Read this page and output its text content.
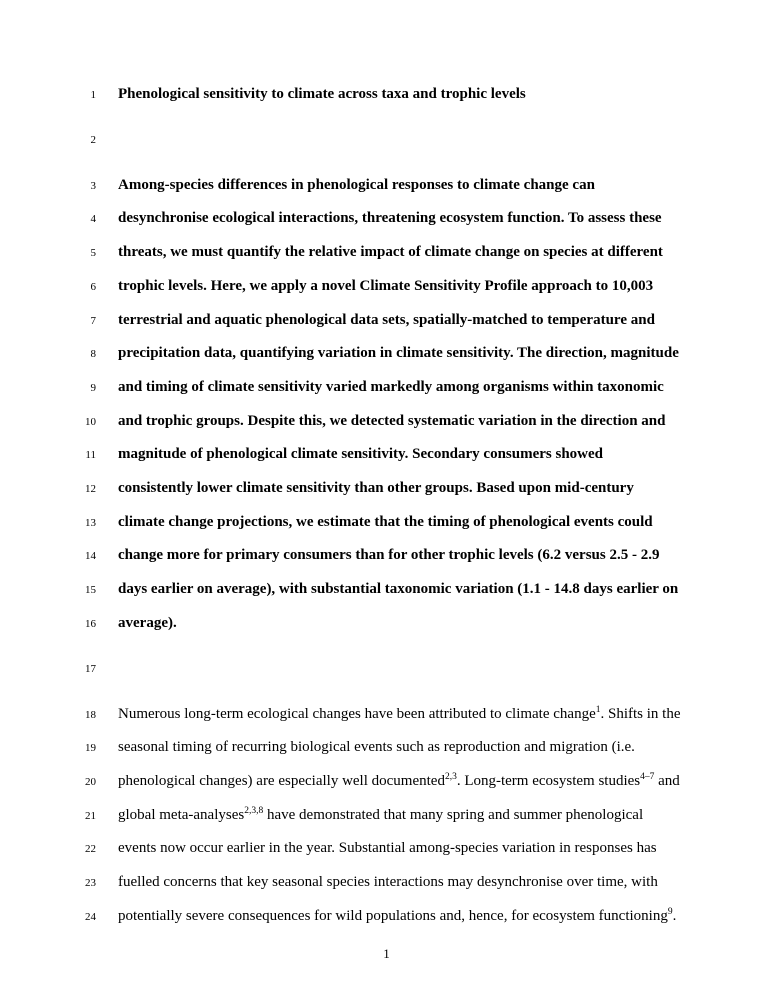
1 Phenological sensitivity to climate across taxa and trophic levels
2
3 Among-species differences in phenological responses to climate change can
4 desynchronise ecological interactions, threatening ecosystem function. To assess these
5 threats, we must quantify the relative impact of climate change on species at different
6 trophic levels. Here, we apply a novel Climate Sensitivity Profile approach to 10,003
7 terrestrial and aquatic phenological data sets, spatially-matched to temperature and
8 precipitation data, quantifying variation in climate sensitivity. The direction, magnitude
9 and timing of climate sensitivity varied markedly among organisms within taxonomic
10 and trophic groups. Despite this, we detected systematic variation in the direction and
11 magnitude of phenological climate sensitivity. Secondary consumers showed
12 consistently lower climate sensitivity than other groups. Based upon mid-century
13 climate change projections, we estimate that the timing of phenological events could
14 change more for primary consumers than for other trophic levels (6.2 versus 2.5 - 2.9
15 days earlier on average), with substantial taxonomic variation (1.1 - 14.8 days earlier on
16 average).
17
18 Numerous long-term ecological changes have been attributed to climate change$^1$. Shifts in the
19 seasonal timing of recurring biological events such as reproduction and migration (i.e.
20 phenological changes) are especially well documented$^{2,3}$. Long-term ecosystem studies$^{4-7}$ and
21 global meta-analyses$^{2,3,8}$ have demonstrated that many spring and summer phenological
22 events now occur earlier in the year. Substantial among-species variation in responses has
23 fuelled concerns that key seasonal species interactions may desynchronise over time, with
24 potentially severe consequences for wild populations and, hence, for ecosystem functioning$^9$.
1
